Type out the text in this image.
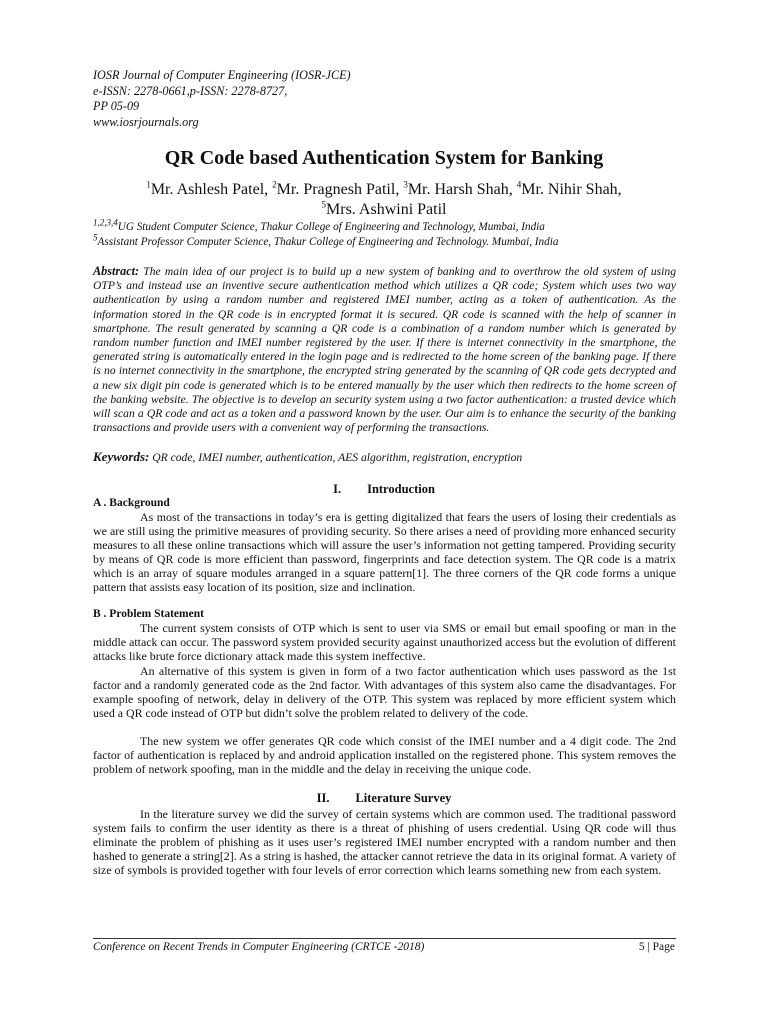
IOSR Journal of Computer Engineering (IOSR-JCE)
e-ISSN: 2278-0661,p-ISSN: 2278-8727,
PP 05-09
www.iosrjournals.org
QR Code based Authentication System for Banking
$^1$Mr. Ashlesh Patel, $^2$Mr. Pragnesh Patil, $^3$Mr. Harsh Shah, $^4$Mr. Nihir Shah,
$^5$Mrs. Ashwini Patil
$^{1,2,3,4}$UG Student Computer Science, Thakur College of Engineering and Technology, Mumbai, India
$^5$Assistant Professor Computer Science, Thakur College of Engineering and Technology. Mumbai, India
Abstract: The main idea of our project is to build up a new system of banking and to overthrow the old system of using OTP’s and instead use an inventive secure authentication method which utilizes a QR code; System which uses two way authentication by using a random number and registered IMEI number, acting as a token of authentication. As the information stored in the QR code is in encrypted format it is secured. QR code is scanned with the help of scanner in smartphone. The result generated by scanning a QR code is a combination of a random number which is generated by random number function and IMEI number registered by the user. If there is internet connectivity in the smartphone, the generated string is automatically entered in the login page and is redirected to the home screen of the banking page. If there is no internet connectivity in the smartphone, the encrypted string generated by the scanning of QR code gets decrypted and a new six digit pin code is generated which is to be entered manually by the user which then redirects to the home screen of the banking website. The objective is to develop an security system using a two factor authentication: a trusted device which will scan a QR code and act as a token and a password known by the user. Our aim is to enhance the security of the banking transactions and provide users with a convenient way of performing the transactions.
Keywords: QR code, IMEI number, authentication, AES algorithm, registration, encryption
I. Introduction
A . Background

As most of the transactions in today’s era is getting digitalized that fears the users of losing their credentials as we are still using the primitive measures of providing security. So there arises a need of providing more enhanced security measures to all these online transactions which will assure the user’s information not getting tampered. Providing security by means of QR code is more efficient than password, fingerprints and face detection system. The QR code is a matrix which is an array of square modules arranged in a square pattern[1]. The three corners of the QR code forms a unique pattern that assists easy location of its position, size and inclination.

B . Problem Statement

The current system consists of OTP which is sent to user via SMS or email but email spoofing or man in the middle attack can occur. The password system provided security against unauthorized access but the evolution of different attacks like brute force dictionary attack made this system ineffective.

An alternative of this system is given in form of a two factor authentication which uses password as the 1st factor and a randomly generated code as the 2nd factor. With advantages of this system also came the disadvantages. For example spoofing of network, delay in delivery of the OTP. This system was replaced by more efficient system which used a QR code instead of OTP but didn’t solve the problem related to delivery of the code.

The new system we offer generates QR code which consist of the IMEI number and a 4 digit code. The 2nd factor of authentication is replaced by and android application installed on the registered phone. This system removes the problem of network spoofing, man in the middle and the delay in receiving the unique code.

II. Literature Survey

In the literature survey we did the survey of certain systems which are common used. The traditional password system fails to confirm the user identity as there is a threat of phishing of users credential. Using QR code will thus eliminate the problem of phishing as it uses user’s registered IMEI number encrypted with a random number and then hashed to generate a string[2]. As a string is hashed, the attacker cannot retrieve the data in its original format. A variety of size of symbols is provided together with four levels of error correction which learns something new from each system.

Conference on Recent Trends in Computer Engineering (CRTCE -2018)	5 | Page
